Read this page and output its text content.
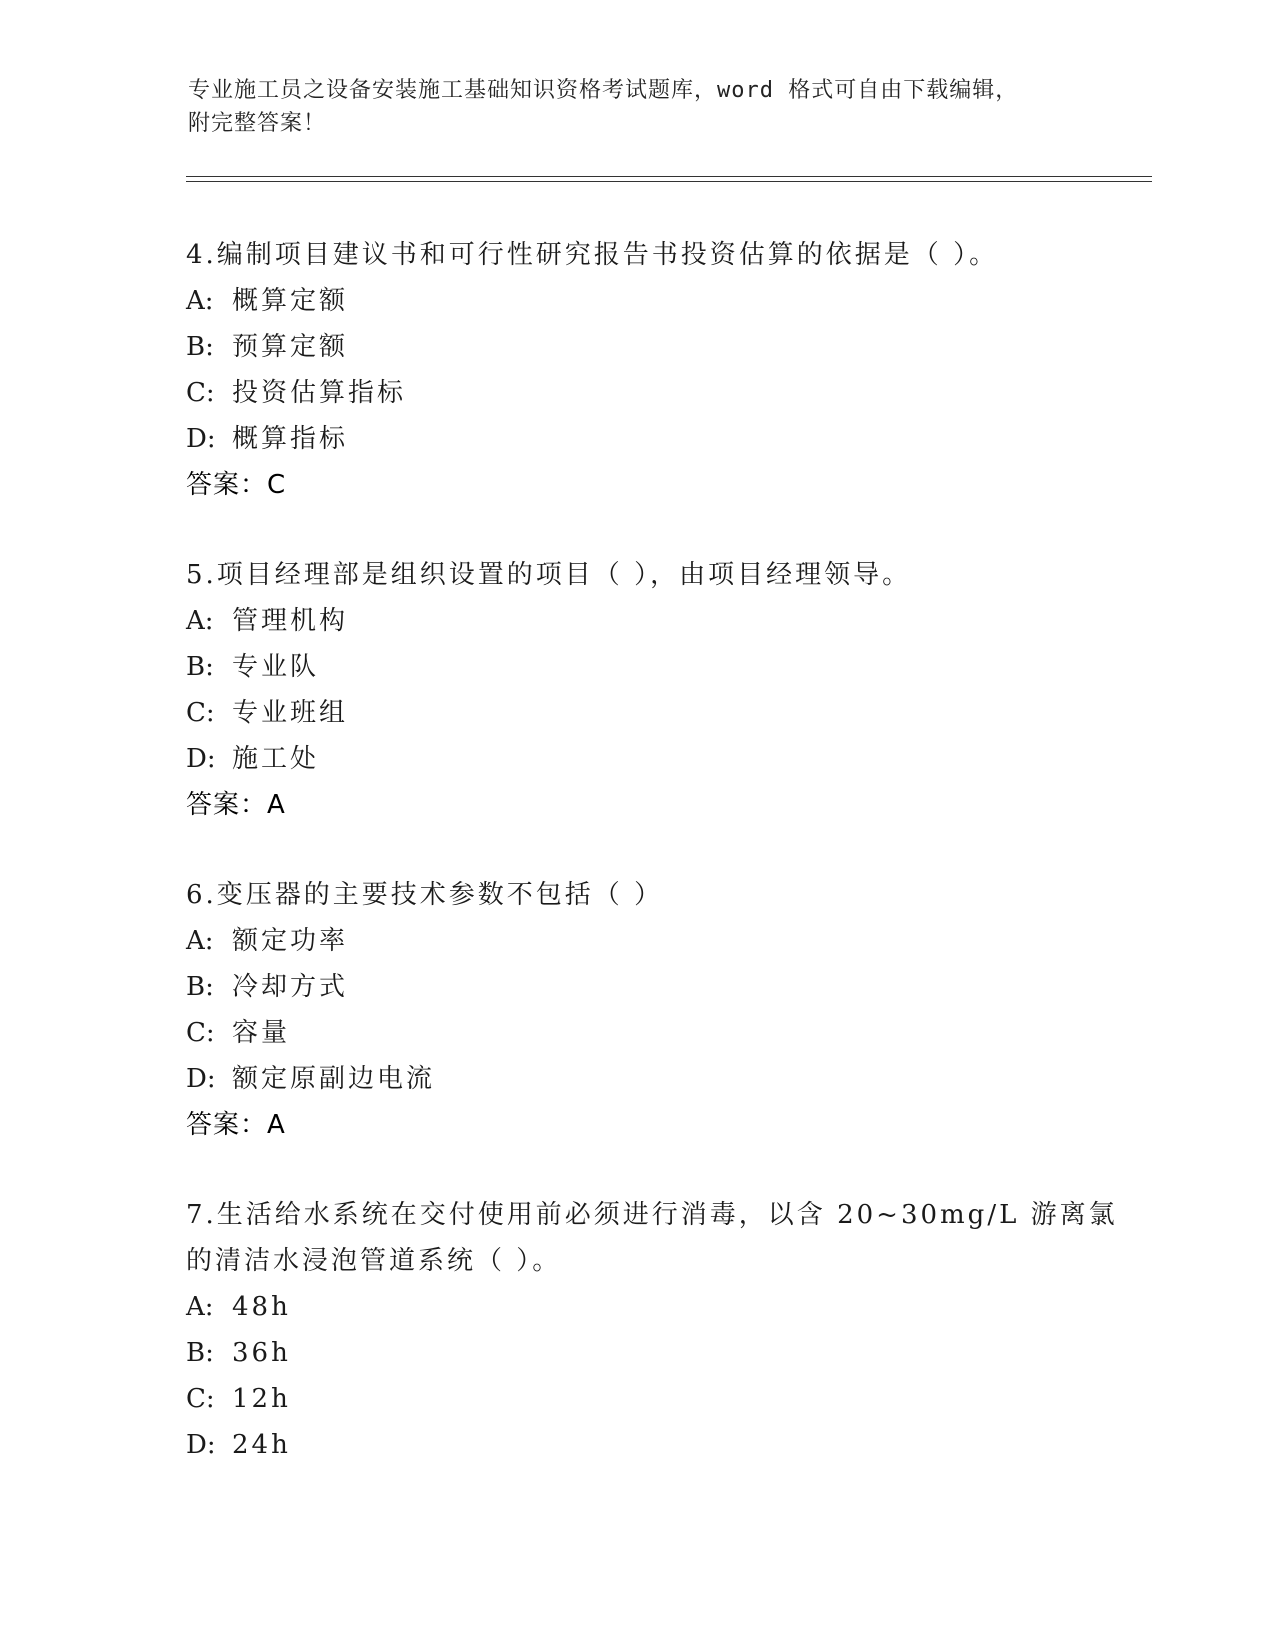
专业施工员之设备安装施工基础知识资格考试题库，word 格式可自由下载编辑，
附完整答案！
4.编制项目建议书和可行性研究报告书投资估算的依据是（ ）。
A: 概算定额
B: 预算定额
C: 投资估算指标
D: 概算指标
答案：C
5.项目经理部是组织设置的项目（ ），由项目经理领导。
A: 管理机构
B: 专业队
C: 专业班组
D: 施工处
答案：A
6.变压器的主要技术参数不包括（ ）
A: 额定功率
B: 冷却方式
C: 容量
D: 额定原副边电流
答案：A
7.生活给水系统在交付使用前必须进行消毒，以含 20~30mg/L 游离氯
的清洁水浸泡管道系统（ ）。
A: 48h
B: 36h
C: 12h
D: 24h
